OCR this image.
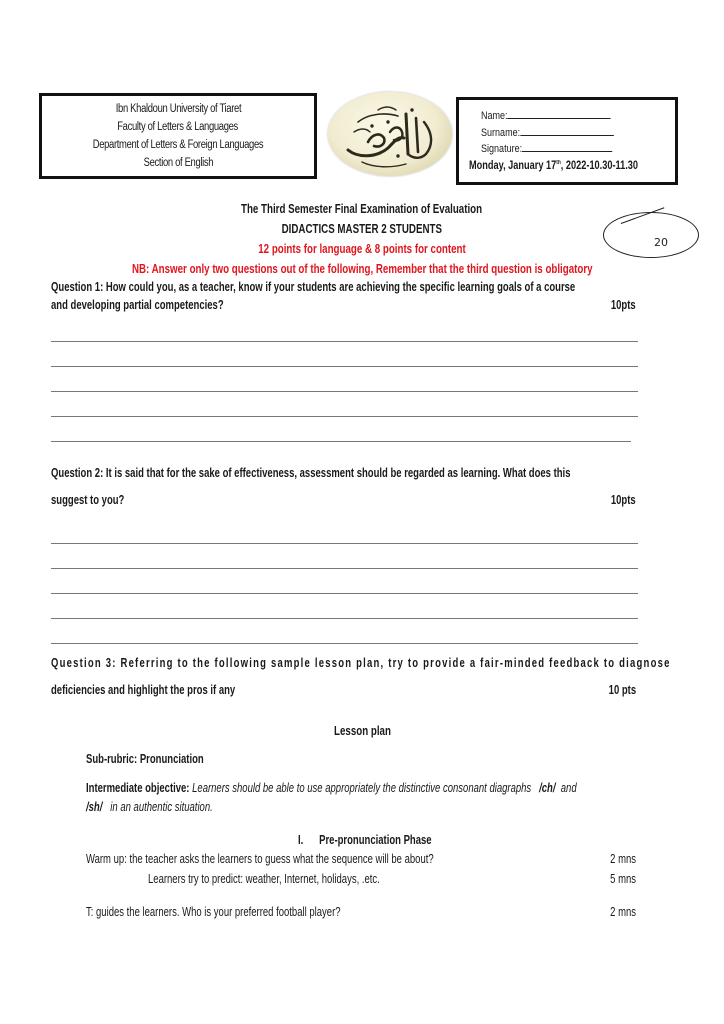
Ibn Khaldoun University of Tiaret
Faculty of Letters & Languages
Department of Letters & Foreign Languages
Section of English
Name:
Surname:
Signature:
Monday, January 17th, 2022-10.30-11.30
The Third Semester Final Examination of Evaluation
DIDACTICS MASTER 2 STUDENTS
12 points for language & 8 points for content
NB: Answer only two questions out of the following, Remember that the third question is obligatory
20
Question 1: How could you, as a teacher, know if your students are achieving the specific learning goals of a course
and developing partial competencies?	10pts
Question 2: It is said that for the sake of effectiveness, assessment should be regarded as learning. What does this
suggest to you?	10pts
Question 3: Referring to the following sample lesson plan, try to provide a fair-minded feedback to diagnose
deficiencies and highlight the pros if any	10 pts
Lesson plan
Sub-rubric: Pronunciation
Intermediate objective: Learners should be able to use appropriately the distinctive consonant diagraphs /ch/ and
/sh/ in an authentic situation.
I. Pre-pronunciation Phase
Warm up: the teacher asks the learners to guess what the sequence will be about?	2 mns
Learners try to predict: weather, Internet, holidays, .etc.	5 mns
T: guides the learners. Who is your preferred football player?	2 mns
